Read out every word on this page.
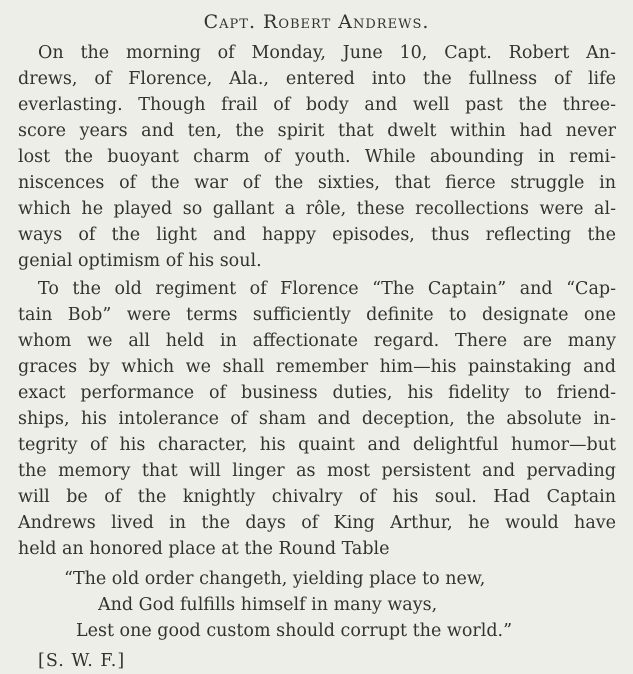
Capt. Robert Andrews.
On the morning of Monday, June 10, Capt. Robert An-
drews, of Florence, Ala., entered into the fullness of life
everlasting. Though frail of body and well past the three-
score years and ten, the spirit that dwelt within had never
lost the buoyant charm of youth. While abounding in remi-
niscences of the war of the sixties, that fierce struggle in
which he played so gallant a rôle, these recollections were al-
ways of the light and happy episodes, thus reflecting the
genial optimism of his soul.
To the old regiment of Florence “The Captain” and “Cap-
tain Bob” were terms sufficiently definite to designate one
whom we all held in affectionate regard. There are many
graces by which we shall remember him—his painstaking and
exact performance of business duties, his fidelity to friend-
ships, his intolerance of sham and deception, the absolute in-
tegrity of his character, his quaint and delightful humor—but
the memory that will linger as most persistent and pervading
will be of the knightly chivalry of his soul. Had Captain
Andrews lived in the days of King Arthur, he would have
held an honored place at the Round Table
“The old order changeth, yielding place to new,
And God fulfills himself in many ways,
Lest one good custom should corrupt the world.”
[S. W. F.]
